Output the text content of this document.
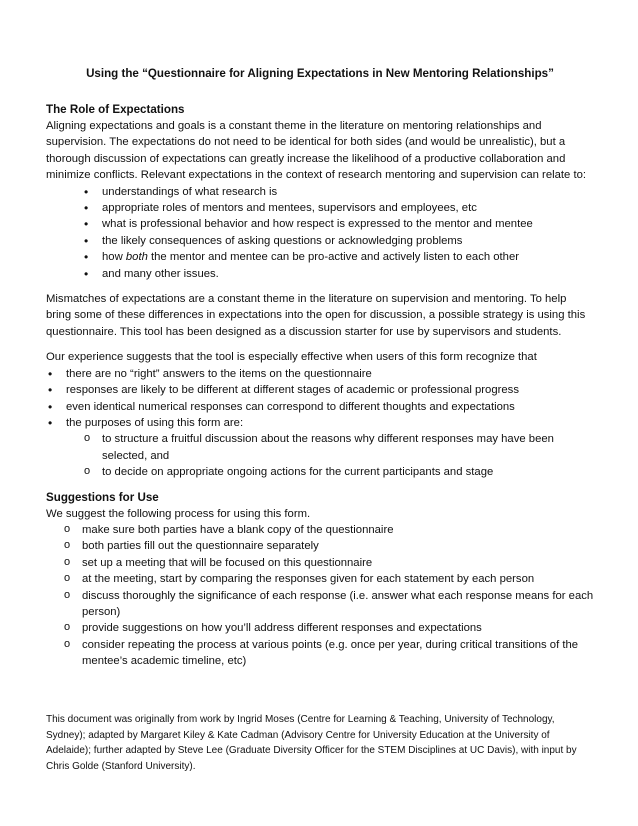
Using the “Questionnaire for Aligning Expectations in New Mentoring Relationships”
The Role of Expectations

Aligning expectations and goals is a constant theme in the literature on mentoring relationships and supervision. The expectations do not need to be identical for both sides (and would be unrealistic), but a thorough discussion of expectations can greatly increase the likelihood of a productive collaboration and minimize conflicts. Relevant expectations in the context of research mentoring and supervision can relate to:

• understandings of what research is
• appropriate roles of mentors and mentees, supervisors and employees, etc
• what is professional behavior and how respect is expressed to the mentor and mentee
• the likely consequences of asking questions or acknowledging problems
• how both the mentor and mentee can be pro-active and actively listen to each other
• and many other issues.

Mismatches of expectations are a constant theme in the literature on supervision and mentoring. To help bring some of these differences in expectations into the open for discussion, a possible strategy is using this questionnaire. This tool has been designed as a discussion starter for use by supervisors and students.

Our experience suggests that the tool is especially effective when users of this form recognize that

• there are no “right” answers to the items on the questionnaire
• responses are likely to be different at different stages of academic or professional progress
• even identical numerical responses can correspond to different thoughts and expectations
• the purposes of using this form are:
o to structure a fruitful discussion about the reasons why different responses may have been selected, and
o to decide on appropriate ongoing actions for the current participants and stage
Suggestions for Use

We suggest the following process for using this form.

o make sure both parties have a blank copy of the questionnaire
o both parties fill out the questionnaire separately
o set up a meeting that will be focused on this questionnaire
o at the meeting, start by comparing the responses given for each statement by each person
o discuss thoroughly the significance of each response (i.e. answer what each response means for each person)
o provide suggestions on how you’ll address different responses and expectations
o consider repeating the process at various points (e.g. once per year, during critical transitions of the mentee’s academic timeline, etc)

This document was originally from work by Ingrid Moses (Centre for Learning & Teaching, University of Technology, Sydney); adapted by Margaret Kiley & Kate Cadman (Advisory Centre for University Education at the University of Adelaide); further adapted by Steve Lee (Graduate Diversity Officer for the STEM Disciplines at UC Davis), with input by Chris Golde (Stanford University).
